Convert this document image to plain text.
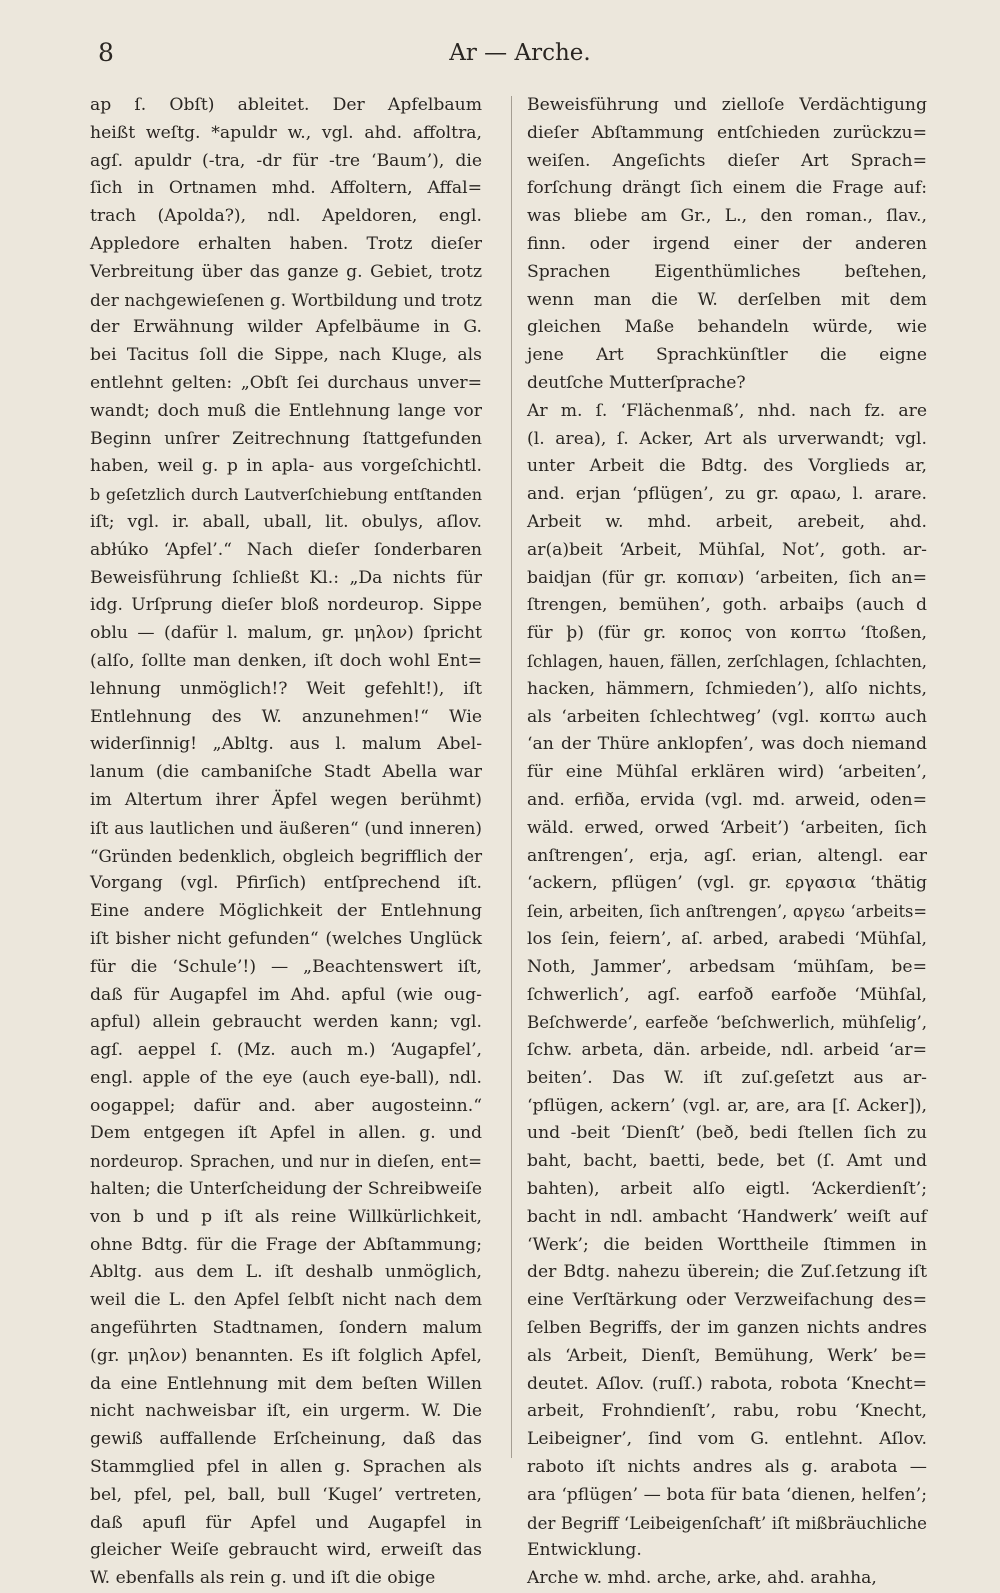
8	Ar — Arche.
ap ſ. Obſt) ableitet. Der Apfelbaum
heißt weſtg. *apuldr w., vgl. ahd. affoltra,
agſ. apuldr (-tra, -dr für -tre ‘Baum’), die
ſich in Ortnamen mhd. Affoltern, Affal=
trach (Apolda?), ndl. Apeldoren, engl.
Appledore erhalten haben. Trotz dieſer
Verbreitung über das ganze g. Gebiet, trotz
der nachgewieſenen g. Wortbildung und trotz
der Erwähnung wilder Apfelbäume in G.
bei Tacitus ſoll die Sippe, nach Kluge, als
entlehnt gelten: „Obſt ſei durchaus unver=
wandt; doch muß die Entlehnung lange vor
Beginn unſrer Zeitrechnung ſtattgefunden
haben, weil g. p in apla- aus vorgeſchichtl.
b geſetzlich durch Lautverſchiebung entſtanden
iſt; vgl. ir. aball, uball, lit. obulys, aſlov.
abłúko ‘Apfel’.“ Nach dieſer ſonderbaren
Beweisführung ſchließt Kl.: „Da nichts für
idg. Urſprung dieſer bloß nordeurop. Sippe
oblu — (dafür l. malum, gr. μηλον) ſpricht
(alſo, ſollte man denken, iſt doch wohl Ent=
lehnung unmöglich!? Weit gefehlt!), iſt
Entlehnung des W. anzunehmen!“ Wie
widerſinnig! „Abltg. aus l. malum Abel-
lanum (die cambaniſche Stadt Abella war
im Altertum ihrer Äpfel wegen berühmt)
iſt aus lautlichen und äußeren“ (und inneren)
“Gründen bedenklich, obgleich begrifflich der
Vorgang (vgl. Pfirſich) entſprechend iſt.
Eine andere Möglichkeit der Entlehnung
iſt bisher nicht gefunden“ (welches Unglück
für die ‘Schule’!) — „Beachtenswert iſt,
daß für Augapfel im Ahd. apful (wie oug-
apful) allein gebraucht werden kann; vgl.
agſ. aeppel ſ. (Mz. auch m.) ‘Augapfel’,
engl. apple of the eye (auch eye-ball), ndl.
oogappel; dafür and. aber augosteinn.“
Dem entgegen iſt Apfel in allen. g. und
nordeurop. Sprachen, und nur in dieſen, ent=
halten; die Unterſcheidung der Schreibweiſe
von b und p iſt als reine Willkürlichkeit,
ohne Bdtg. für die Frage der Abſtammung;
Abltg. aus dem L. iſt deshalb unmöglich,
weil die L. den Apfel ſelbſt nicht nach dem
angeführten Stadtnamen, ſondern malum
(gr. μηλον) benannten. Es iſt folglich Apfel,
da eine Entlehnung mit dem beſten Willen
nicht nachweisbar iſt, ein urgerm. W. Die
gewiß auffallende Erſcheinung, daß das
Stammglied pfel in allen g. Sprachen als
bel, pfel, pel, ball, bull ‘Kugel’ vertreten,
daß apufl für Apfel und Augapfel in
gleicher Weiſe gebraucht wird, erweiſt das
W. ebenfalls als rein g. und iſt die obige
Beweisführung und zielloſe Verdächtigung
dieſer Abſtammung entſchieden zurückzu=
weiſen. Angeſichts dieſer Art Sprach=
forſchung drängt ſich einem die Frage auf:
was bliebe am Gr., L., den roman., ſlav.,
finn. oder irgend einer der anderen
Sprachen Eigenthümliches beſtehen,
wenn man die W. derſelben mit dem
gleichen Maße behandeln würde, wie
jene Art Sprachkünſtler die eigne
deutſche Mutterſprache?
Ar m. ſ. ‘Flächenmaß’, nhd. nach fz. are
(l. area), ſ. Acker, Art als urverwandt; vgl.
unter Arbeit die Bdtg. des Vorglieds ar,
and. erjan ‘pflügen’, zu gr. αρaω, l. arare.
Arbeit w. mhd. arbeit, arebeit, ahd.
ar(a)beit ‘Arbeit, Mühſal, Not’, goth. ar-
baidjan (für gr. κοπιαν) ‘arbeiten, ſich an=
ſtrengen, bemühen’, goth. arbaiþs (auch d
für þ) (für gr. κοπος von κοπτω ‘ſtoßen,
ſchlagen, hauen, fällen, zerſchlagen, ſchlachten,
hacken, hämmern, ſchmieden’), alſo nichts,
als ‘arbeiten ſchlechtweg’ (vgl. κοπτω auch
‘an der Thüre anklopfen’, was doch niemand
für eine Mühſal erklären wird) ‘arbeiten’,
and. erfiða, ervida (vgl. md. arweid, oden=
wäld. erwed, orwed ‘Arbeit’) ‘arbeiten, ſich
anſtrengen’, erja, agſ. erian, altengl. ear
‘ackern, pflügen’ (vgl. gr. εργασια ‘thätig
ſein, arbeiten, ſich anſtrengen’, αργεω ‘arbeits=
los ſein, feiern’, aſ. arbed, arabedi ‘Mühſal,
Noth, Jammer’, arbedsam ‘mühſam, be=
ſchwerlich’, agſ. earfoð earfoðe ‘Mühſal,
Beſchwerde’, earfeðe ‘beſchwerlich, mühſelig’,
ſchw. arbeta, dän. arbeide, ndl. arbeid ‘ar=
beiten’. Das W. iſt zuſ.geſetzt aus ar-
‘pflügen, ackern’ (vgl. ar, are, ara [ſ. Acker]),
und -beit ‘Dienſt’ (beð, bedi ſtellen ſich zu
baht, bacht, baetti, bede, bet (ſ. Amt und
bahten), arbeit alſo eigtl. ‘Ackerdienſt’;
bacht in ndl. ambacht ‘Handwerk’ weiſt auf
‘Werk’; die beiden Worttheile ſtimmen in
der Bdtg. nahezu überein; die Zuſ.ſetzung iſt
eine Verſtärkung oder Verzweifachung des=
ſelben Begriffs, der im ganzen nichts andres
als ‘Arbeit, Dienſt, Bemühung, Werk’ be=
deutet. Aſlov. (ruſſ.) rabota, robota ‘Knecht=
arbeit, Frohndienſt’, rabu, robu ‘Knecht,
Leibeigner’, ſind vom G. entlehnt. Aſlov.
raboto iſt nichts andres als g. arabota —
ara ‘pflügen’ — bota für bata ‘dienen, helfen’;
der Begriff ‘Leibeigenſchaft’ iſt mißbräuchliche
Entwicklung.
Arche w. mhd. arche, arke, ahd. arahha,
